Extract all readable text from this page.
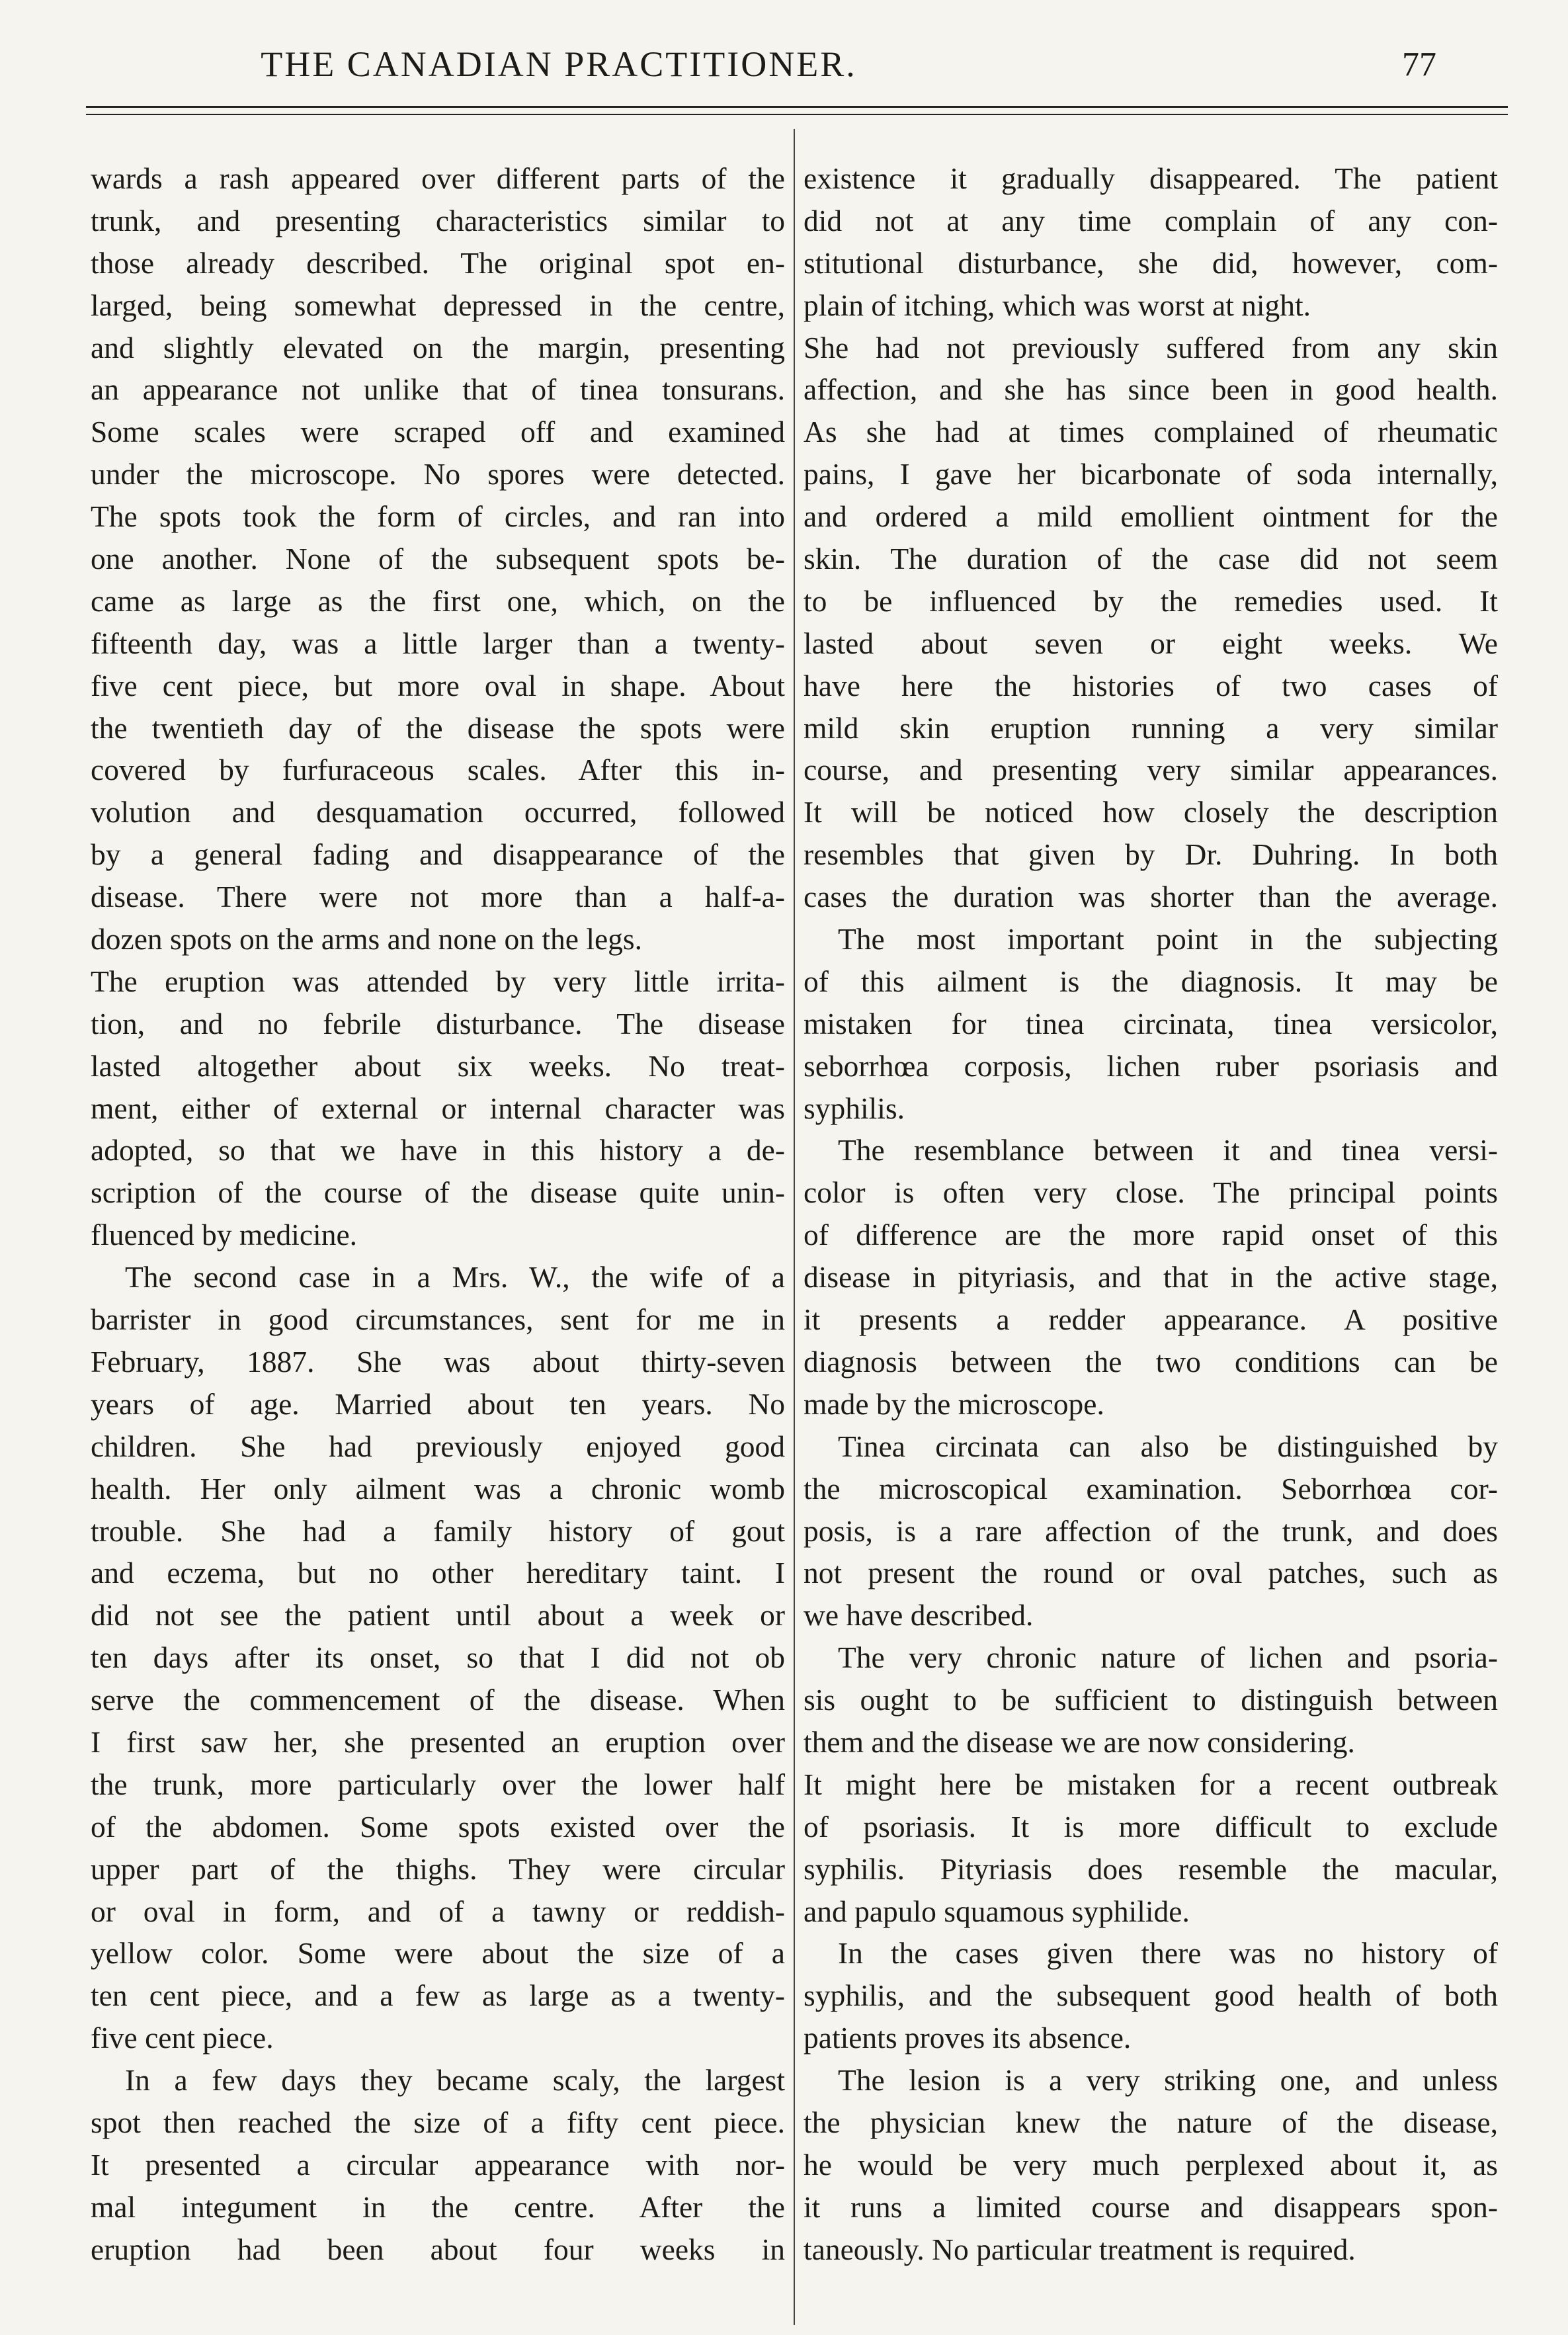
THE CANADIAN PRACTITIONER.	77
wards a rash appeared over different parts of the
trunk, and presenting characteristics similar to
those already described. The original spot en-
larged, being somewhat depressed in the centre,
and slightly elevated on the margin, presenting
an appearance not unlike that of tinea tonsurans.
Some scales were scraped off and examined
under the microscope. No spores were detected.
The spots took the form of circles, and ran into
one another. None of the subsequent spots be-
came as large as the first one, which, on the
fifteenth day, was a little larger than a twenty-
five cent piece, but more oval in shape. About
the twentieth day of the disease the spots were
covered by furfuraceous scales. After this in-
volution and desquamation occurred, followed
by a general fading and disappearance of the
disease. There were not more than a half-a-
dozen spots on the arms and none on the legs.
The eruption was attended by very little irrita-
tion, and no febrile disturbance. The disease
lasted altogether about six weeks. No treat-
ment, either of external or internal character was
adopted, so that we have in this history a de-
scription of the course of the disease quite unin-
fluenced by medicine.
The second case in a Mrs. W., the wife of a
barrister in good circumstances, sent for me in
February, 1887. She was about thirty-seven
years of age. Married about ten years. No
children. She had previously enjoyed good
health. Her only ailment was a chronic womb
trouble. She had a family history of gout
and eczema, but no other hereditary taint. I
did not see the patient until about a week or
ten days after its onset, so that I did not ob
serve the commencement of the disease. When
I first saw her, she presented an eruption over
the trunk, more particularly over the lower half
of the abdomen. Some spots existed over the
upper part of the thighs. They were circular
or oval in form, and of a tawny or reddish-
yellow color. Some were about the size of a
ten cent piece, and a few as large as a twenty-
five cent piece.
In a few days they became scaly, the largest
spot then reached the size of a fifty cent piece.
It presented a circular appearance with nor-
mal integument in the centre. After the
eruption had been about four weeks in
existence it gradually disappeared. The patient
did not at any time complain of any con-
stitutional disturbance, she did, however, com-
plain of itching, which was worst at night.
She had not previously suffered from any skin
affection, and she has since been in good health.
As she had at times complained of rheumatic
pains, I gave her bicarbonate of soda internally,
and ordered a mild emollient ointment for the
skin. The duration of the case did not seem
to be influenced by the remedies used. It
lasted about seven or eight weeks. We
have here the histories of two cases of
mild skin eruption running a very similar
course, and presenting very similar appearances.
It will be noticed how closely the description
resembles that given by Dr. Duhring. In both
cases the duration was shorter than the average.
The most important point in the subjecting
of this ailment is the diagnosis. It may be
mistaken for tinea circinata, tinea versicolor,
seborrhœa corposis, lichen ruber psoriasis and
syphilis.
The resemblance between it and tinea versi-
color is often very close. The principal points
of difference are the more rapid onset of this
disease in pityriasis, and that in the active stage,
it presents a redder appearance. A positive
diagnosis between the two conditions can be
made by the microscope.
Tinea circinata can also be distinguished by
the microscopical examination. Seborrhœa cor-
posis, is a rare affection of the trunk, and does
not present the round or oval patches, such as
we have described.
The very chronic nature of lichen and psoria-
sis ought to be sufficient to distinguish between
them and the disease we are now considering.
It might here be mistaken for a recent outbreak
of psoriasis. It is more difficult to exclude
syphilis. Pityriasis does resemble the macular,
and papulo squamous syphilide.
In the cases given there was no history of
syphilis, and the subsequent good health of both
patients proves its absence.
The lesion is a very striking one, and unless
the physician knew the nature of the disease,
he would be very much perplexed about it, as
it runs a limited course and disappears spon-
taneously. No particular treatment is required.
